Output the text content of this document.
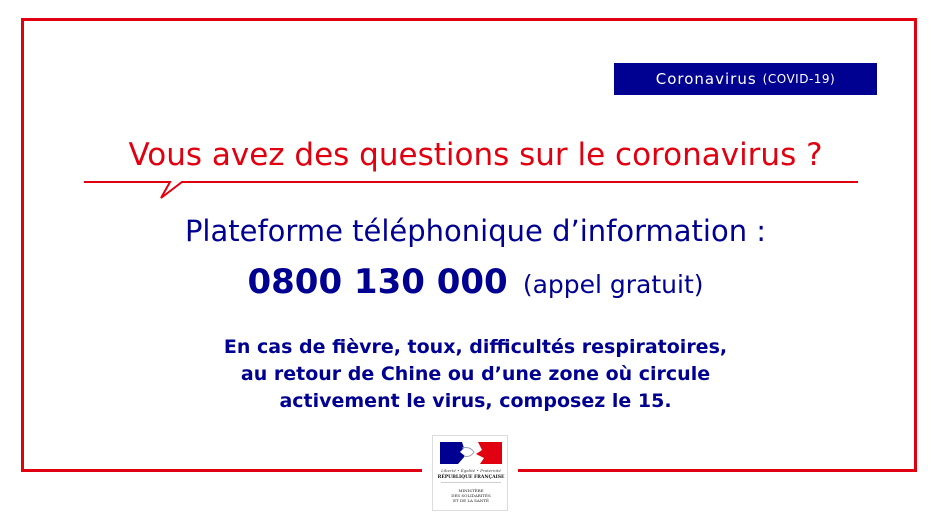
Coronavirus (COVID-19)
Vous avez des questions sur le coronavirus ?
Plateforme téléphonique d’information :
0800 130 000 (appel gratuit)
En cas de fièvre, toux, difficultés respiratoires,
au retour de Chine ou d’une zone où circule
activement le virus, composez le 15.
Liberté • Égalité • Fraternité
RÉPUBLIQUE FRANÇAISE
MINISTÈRE
DES SOLIDARITÉS
ET DE LA SANTÉ
